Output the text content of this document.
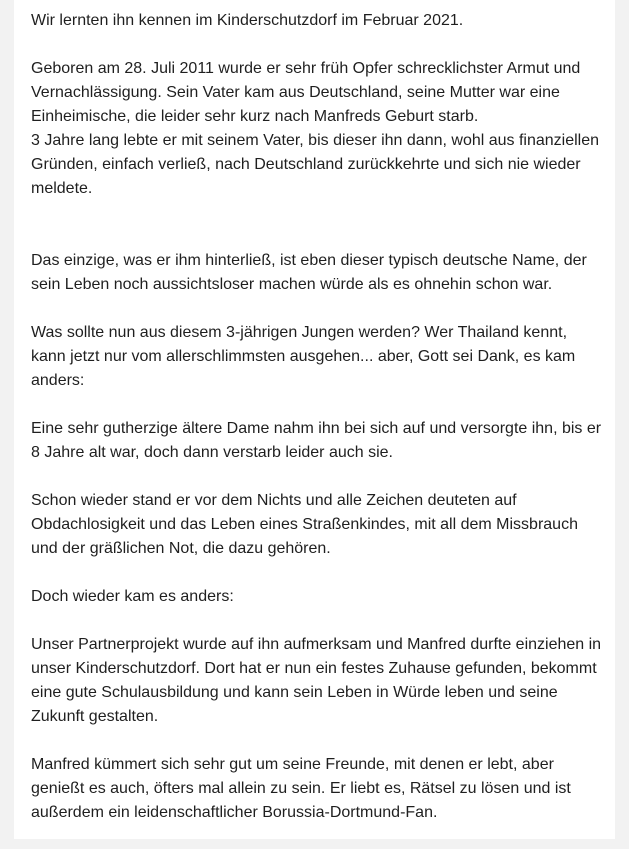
Wir lernten ihn kennen im Kinderschutzdorf im Februar 2021.

Geboren am 28. Juli 2011 wurde er sehr früh Opfer schrecklichster Armut und Vernachlässigung. Sein Vater kam aus Deutschland, seine Mutter war eine Einheimische, die leider sehr kurz nach Manfreds Geburt starb.

3 Jahre lang lebte er mit seinem Vater, bis dieser ihn dann, wohl aus finanziellen Gründen, einfach verließ, nach Deutschland zurückkehrte und sich nie wieder meldete.

Das einzige, was er ihm hinterließ, ist eben dieser typisch deutsche Name, der sein Leben noch aussichtsloser machen würde als es ohnehin schon war.

Was sollte nun aus diesem 3-jährigen Jungen werden? Wer Thailand kennt, kann jetzt nur vom allerschlimmsten ausgehen... aber, Gott sei Dank, es kam anders:

Eine sehr gutherzige ältere Dame nahm ihn bei sich auf und versorgte ihn, bis er 8 Jahre alt war, doch dann verstarb leider auch sie.

Schon wieder stand er vor dem Nichts und alle Zeichen deuteten auf Obdachlosigkeit und das Leben eines Straßenkindes, mit all dem Missbrauch und der gräßlichen Not, die dazu gehören.

Doch wieder kam es anders:

Unser Partnerprojekt wurde auf ihn aufmerksam und Manfred durfte einziehen in unser Kinderschutzdorf. Dort hat er nun ein festes Zuhause gefunden, bekommt eine gute Schulausbildung und kann sein Leben in Würde leben und seine Zukunft gestalten.

Manfred kümmert sich sehr gut um seine Freunde, mit denen er lebt, aber genießt es auch, öfters mal allein zu sein. Er liebt es, Rätsel zu lösen und ist außerdem ein leidenschaftlicher Borussia-Dortmund-Fan.
